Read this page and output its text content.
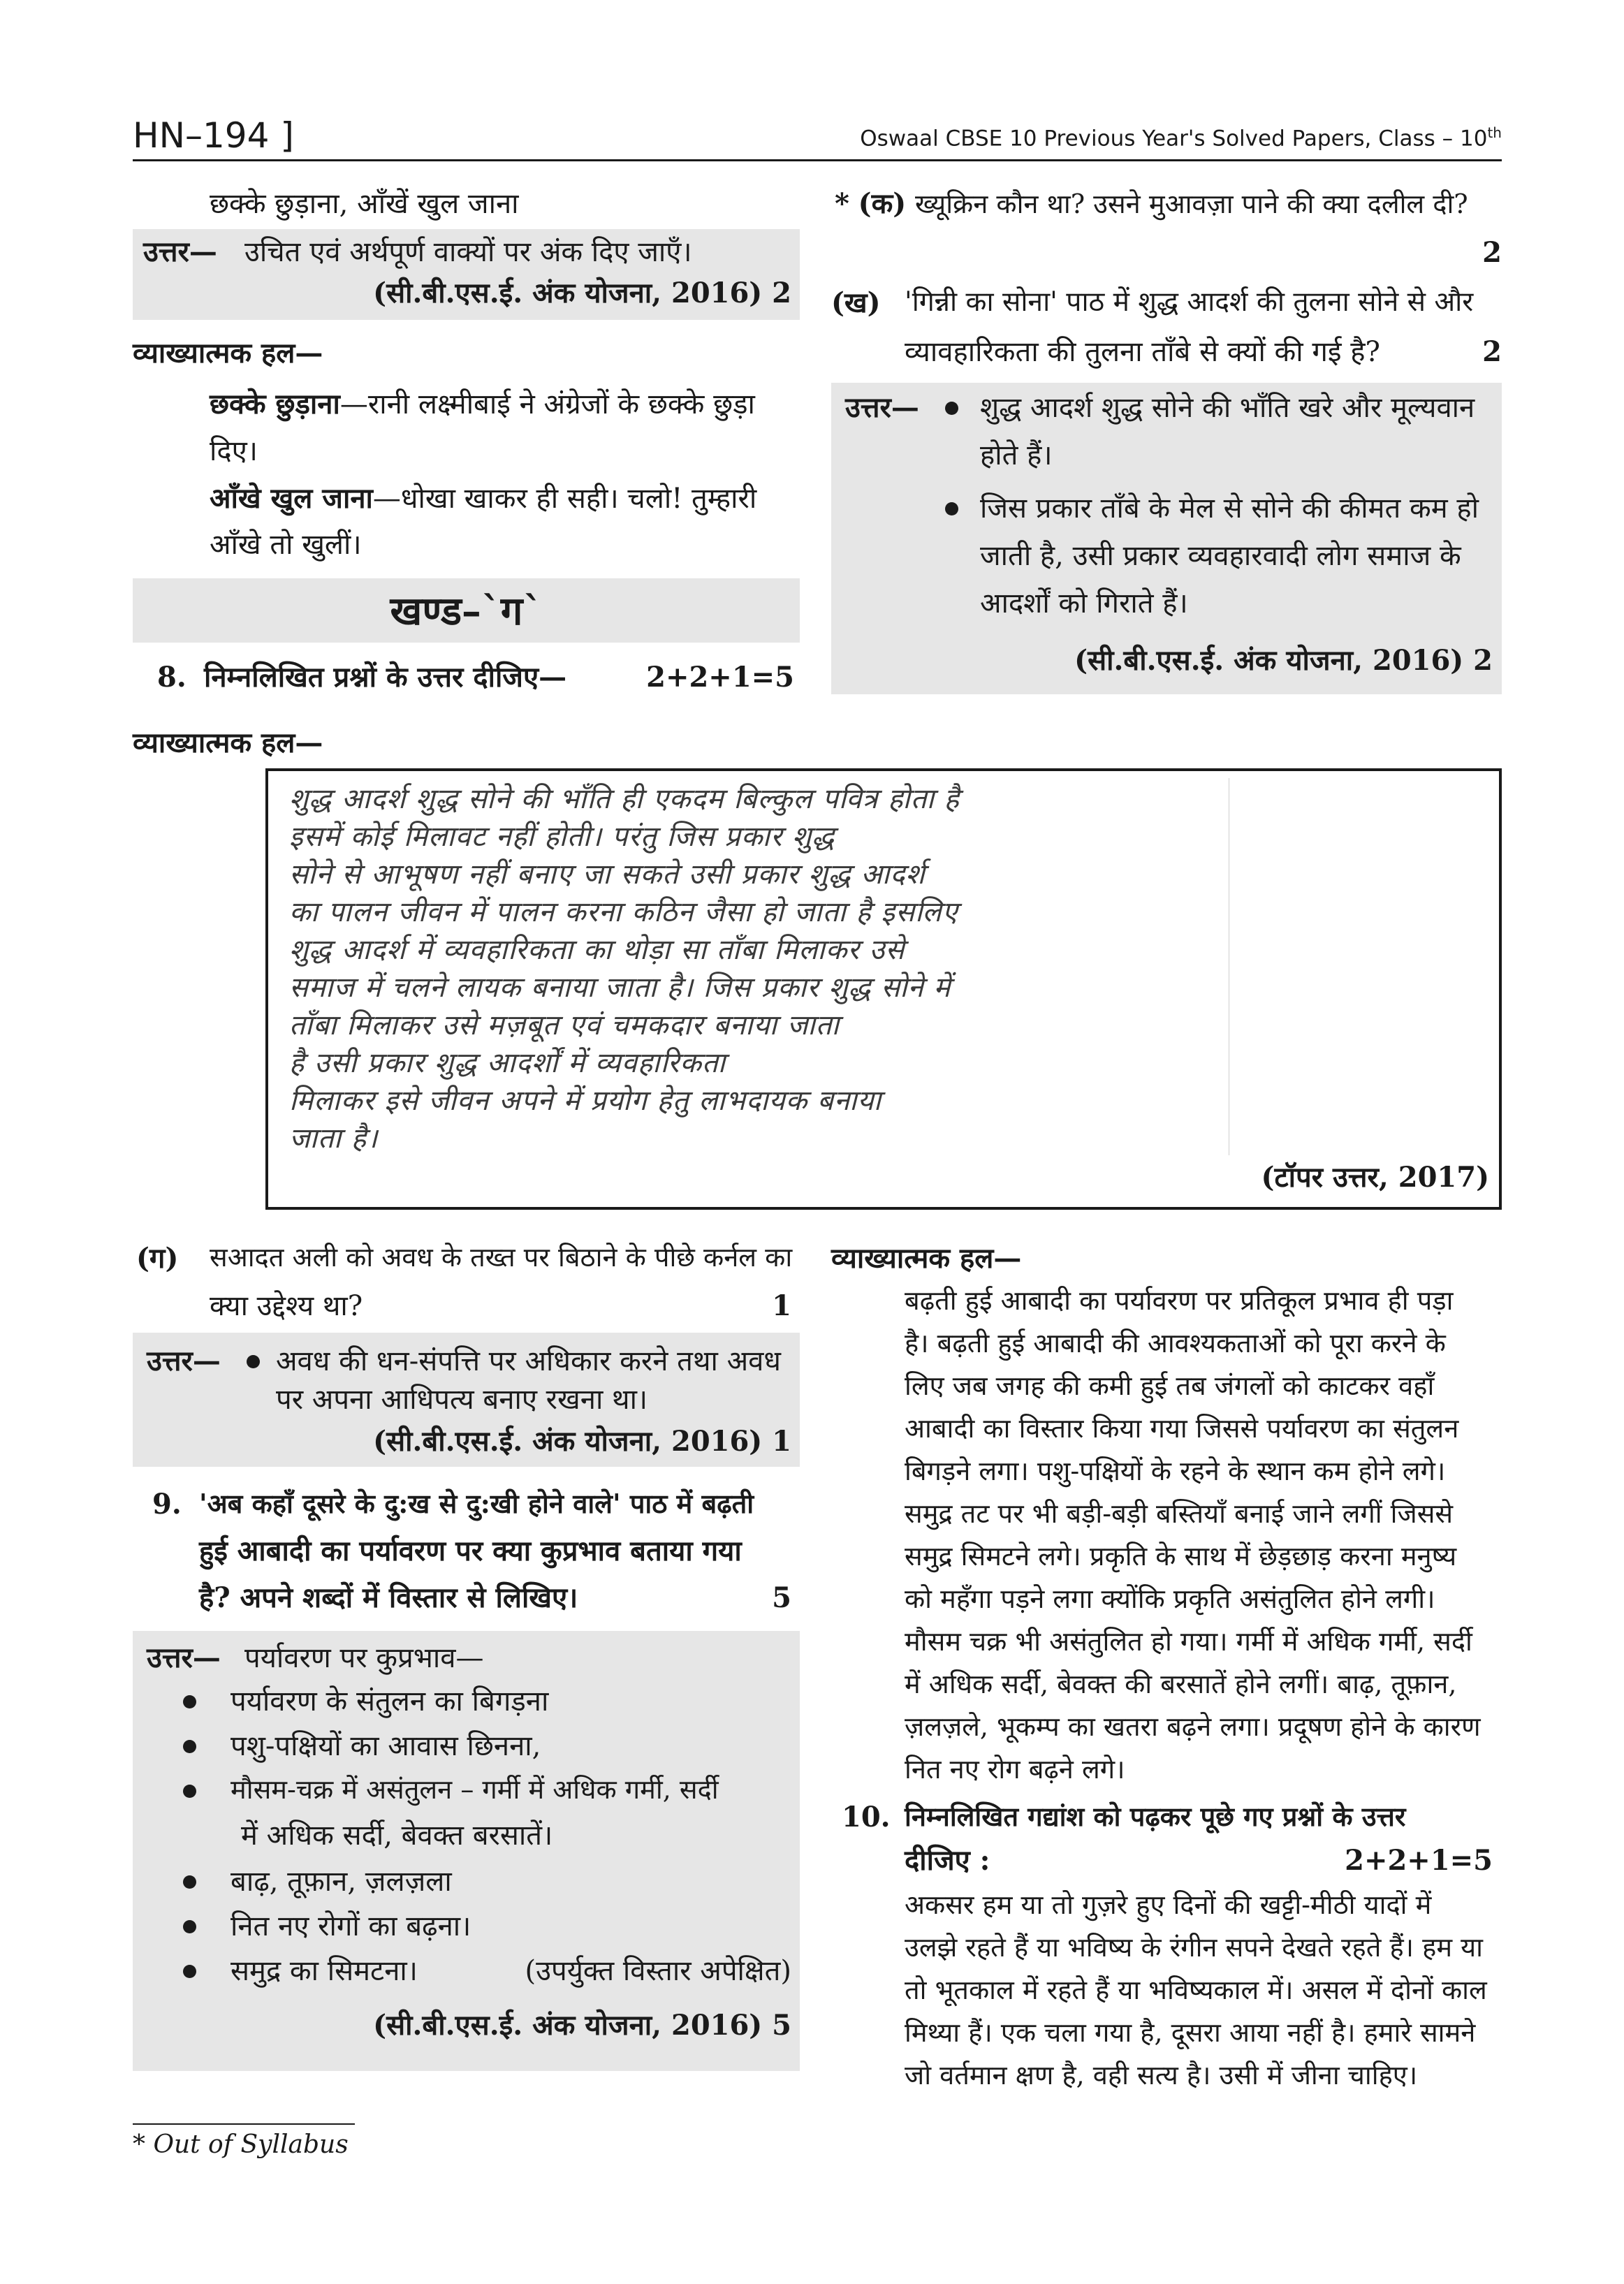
HN–194 ]	Oswaal CBSE 10 Previous Year's Solved Papers, Class – 10th
छक्के छुड़ाना, आँखें खुल जाना
उत्तर— उचित एवं अर्थपूर्ण वाक्यों पर अंक दिए जाएँ।
(सी.बी.एस.ई. अंक योजना, 2016) 2
व्याख्यात्मक हल—
छक्के छुड़ाना—रानी लक्ष्मीबाई ने अंग्रेजों के छक्के छुड़ा
दिए।
आँखे खुल जाना—धोखा खाकर ही सही। चलो! तुम्हारी
आँखे तो खुलीं।
खण्ड–`ग`
8. निम्नलिखित प्रश्नों के उत्तर दीजिए—	2+2+1=5
* (क) ख्यूक्रिन कौन था? उसने मुआवज़ा पाने की क्या दलील दी?
2
(ख) 'गिन्नी का सोना' पाठ में शुद्ध आदर्श की तुलना सोने से और
व्यावहारिकता की तुलना ताँबे से क्यों की गई है?	2
उत्तर— शुद्ध आदर्श शुद्ध सोने की भाँति खरे और मूल्यवान
होते हैं।
जिस प्रकार ताँबे के मेल से सोने की कीमत कम हो
जाती है, उसी प्रकार व्यवहारवादी लोग समाज के
आदर्शों को गिराते हैं।
(सी.बी.एस.ई. अंक योजना, 2016) 2
व्याख्यात्मक हल—
शुद्ध आदर्श शुद्ध सोने की भाँति ही एकदम बिल्कुल पवित्र होता है
इसमें कोई मिलावट नहीं होती। परंतु जिस प्रकार शुद्ध
सोने से आभूषण नहीं बनाए जा सकते उसी प्रकार शुद्ध आदर्श
का पालन जीवन में पालन करना कठिन जैसा हो जाता है इसलिए
शुद्ध आदर्श में व्यवहारिकता का थोड़ा सा ताँबा मिलाकर उसे
समाज में चलने लायक बनाया जाता है। जिस प्रकार शुद्ध सोने में
ताँबा मिलाकर उसे मज़बूत एवं चमकदार बनाया जाता
है उसी प्रकार शुद्ध आदर्शों में व्यवहारिकता
मिलाकर इसे जीवन अपने में प्रयोग हेतु लाभदायक बनाया
जाता है।
(टॉपर उत्तर, 2017)
(ग) सआदत अली को अवध के तख्त पर बिठाने के पीछे कर्नल का
क्या उद्देश्य था?	1
उत्तर— अवध की धन-संपत्ति पर अधिकार करने तथा अवध
पर अपना आधिपत्य बनाए रखना था।
(सी.बी.एस.ई. अंक योजना, 2016) 1
9. 'अब कहाँ दूसरे के दु:ख से दु:खी होने वाले' पाठ में बढ़ती
हुई आबादी का पर्यावरण पर क्या कुप्रभाव बताया गया
है? अपने शब्दों में विस्तार से लिखिए।	5
उत्तर— पर्यावरण पर कुप्रभाव—
पर्यावरण के संतुलन का बिगड़ना
पशु-पक्षियों का आवास छिनना,
मौसम-चक्र में असंतुलन – गर्मी में अधिक गर्मी, सर्दी
में अधिक सर्दी, बेवक्त बरसातें।
बाढ़, तूफ़ान, ज़लज़ला
नित नए रोगों का बढ़ना।
समुद्र का सिमटना।	(उपर्युक्त विस्तार अपेक्षित)
(सी.बी.एस.ई. अंक योजना, 2016) 5
* Out of Syllabus
व्याख्यात्मक हल—
बढ़ती हुई आबादी का पर्यावरण पर प्रतिकूल प्रभाव ही पड़ा
है। बढ़ती हुई आबादी की आवश्यकताओं को पूरा करने के
लिए जब जगह की कमी हुई तब जंगलों को काटकर वहाँ
आबादी का विस्तार किया गया जिससे पर्यावरण का संतुलन
बिगड़ने लगा। पशु-पक्षियों के रहने के स्थान कम होने लगे।
समुद्र तट पर भी बड़ी-बड़ी बस्तियाँ बनाई जाने लगीं जिससे
समुद्र सिमटने लगे। प्रकृति के साथ में छेड़छाड़ करना मनुष्य
को महँगा पड़ने लगा क्योंकि प्रकृति असंतुलित होने लगी।
मौसम चक्र भी असंतुलित हो गया। गर्मी में अधिक गर्मी, सर्दी
में अधिक सर्दी, बेवक्त की बरसातें होने लगीं। बाढ़, तूफ़ान,
ज़लज़ले, भूकम्प का खतरा बढ़ने लगा। प्रदूषण होने के कारण
नित नए रोग बढ़ने लगे।
10. निम्नलिखित गद्यांश को पढ़कर पूछे गए प्रश्नों के उत्तर
दीजिए :	2+2+1=5
अकसर हम या तो गुज़रे हुए दिनों की खट्टी-मीठी यादों में
उलझे रहते हैं या भविष्य के रंगीन सपने देखते रहते हैं। हम या
तो भूतकाल में रहते हैं या भविष्यकाल में। असल में दोनों काल
मिथ्या हैं। एक चला गया है, दूसरा आया नहीं है। हमारे सामने
जो वर्तमान क्षण है, वही सत्य है। उसी में जीना चाहिए।
